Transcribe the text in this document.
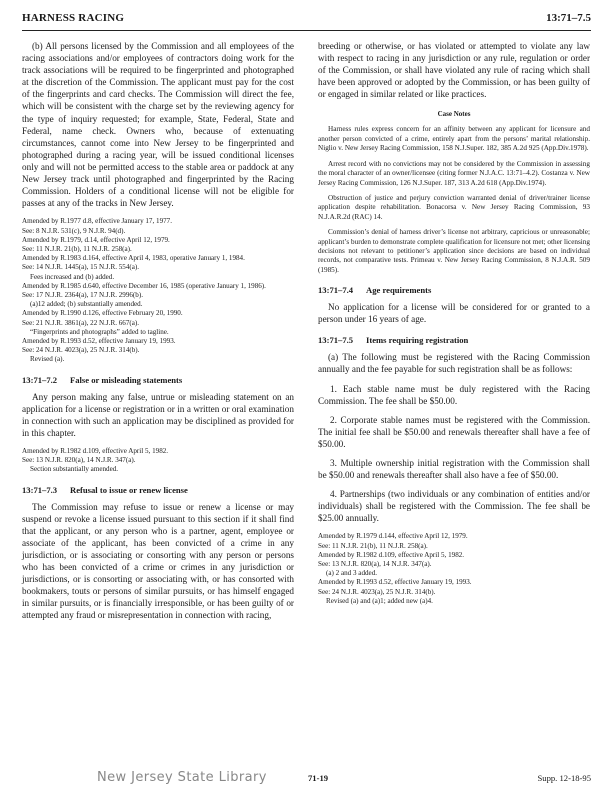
HARNESS RACING	13:71–7.5

(b) All persons licensed by the Commission and all employees of the racing associations and/or employees of contractors doing work for the track associations will be required to be fingerprinted and photographed at the discretion of the Commission. The applicant must pay for the cost of the fingerprints and card checks. The Commission will direct the fee, which will be consistent with the charge set by the reviewing agency for the type of inquiry requested; for example, State, Federal, State and Federal, name check. Owners who, because of extenuating circumstances, cannot come into New Jersey to be fingerprinted and photographed during a racing year, will be issued conditional licenses only and will not be permitted access to the stable area or paddock at any New Jersey track until photographed and fingerprinted by the Racing Commission. Holders of a conditional license will not be eligible for passes at any of the tracks in New Jersey.

Amended by R.1977 d.8, effective January 17, 1977.
See: 8 N.J.R. 531(c), 9 N.J.R. 94(d).
Amended by R.1979, d.14, effective April 12, 1979.
See: 11 N.J.R. 21(b), 11 N.J.R. 258(a).
Amended by R.1983 d.164, effective April 4, 1983, operative January 1, 1984.
See: 14 N.J.R. 1445(a), 15 N.J.R. 554(a).
Fees increased and (b) added.
Amended by R.1985 d.640, effective December 16, 1985 (operative January 1, 1986).
See: 17 N.J.R. 2364(a), 17 N.J.R. 2996(b).
(a)12 added; (b) substantially amended.
Amended by R.1990 d.126, effective February 20, 1990.
See: 21 N.J.R. 3861(a), 22 N.J.R. 667(a).
“Fingerprints and photographs” added to tagline.
Amended by R.1993 d.52, effective January 19, 1993.
See: 24 N.J.R. 4023(a), 25 N.J.R. 314(b).
Revised (a).
13:71–7.2 False or misleading statements

Any person making any false, untrue or misleading statement on an application for a license or registration or in a written or oral examination in connection with such an application may be disciplined as provided for in this chapter.

Amended by R.1982 d.109, effective April 5, 1982.
See: 13 N.J.R. 820(a), 14 N.J.R. 347(a).
Section substantially amended.
13:71–7.3 Refusal to issue or renew license

The Commission may refuse to issue or renew a license or may suspend or revoke a license issued pursuant to this section if it shall find that the applicant, or any person who is a partner, agent, employee or associate of the applicant, has been convicted of a crime in any jurisdiction, or is associating or consorting with any person or persons who has been convicted of a crime or crimes in any jurisdiction or jurisdictions, or is consorting or associating with, or has consorted with bookmakers, touts or persons of similar pursuits, or has himself engaged in similar pursuits, or is financially irresponsible, or has been guilty of or attempted any fraud or misrepresentation in connection with racing,

breeding or otherwise, or has violated or attempted to violate any law with respect to racing in any jurisdiction or any rule, regulation or order of the Commission, or shall have violated any rule of racing which shall have been approved or adopted by the Commission, or has been guilty of or engaged in similar related or like practices.

Case Notes

Harness rules express concern for an affinity between any applicant for licensure and another person convicted of a crime, entirely apart from the persons’ marital relationship. Niglio v. New Jersey Racing Commission, 158 N.J.Super. 182, 385 A.2d 925 (App.Div.1978).

Arrest record with no convictions may not be considered by the Commission in assessing the moral character of an owner/licensee (citing former N.J.A.C. 13:71–4.2). Costanza v. New Jersey Racing Commission, 126 N.J.Super. 187, 313 A.2d 618 (App.Div.1974).

Obstruction of justice and perjury conviction warranted denial of driver/trainer license application despite rehabilitation. Bonacorsa v. New Jersey Racing Commission, 93 N.J.A.R.2d (RAC) 14.

Commission’s denial of harness driver’s license not arbitrary, capricious or unreasonable; applicant’s burden to demonstrate complete qualification for licensure not met; other licensing decisions not relevant to petitioner’s application since decisions are based on individual records, not comparative tests. Primeau v. New Jersey Racing Commission, 8 N.J.A.R. 509 (1985).

13:71–7.4 Age requirements

No application for a license will be considered for or granted to a person under 16 years of age.

13:71–7.5 Items requiring registration

(a) The following must be registered with the Racing Commission annually and the fee payable for such registration shall be as follows:

1. Each stable name must be duly registered with the Racing Commission. The fee shall be $50.00.

2. Corporate stable names must be registered with the Commission. The initial fee shall be $50.00 and renewals thereafter shall have a fee of $50.00.

3. Multiple ownership initial registration with the Commission shall be $50.00 and renewals thereafter shall also have a fee of $50.00.

4. Partnerships (two individuals or any combination of entities and/or individuals) shall be registered with the Commission. The fee shall be $25.00 annually.

Amended by R.1979 d.144, effective April 12, 1979.
See: 11 N.J.R. 21(b), 11 N.J.R. 258(a).
Amended by R.1982 d.109, effective April 5, 1982.
See: 13 N.J.R. 820(a), 14 N.J.R. 347(a).
(a) 2 and 3 added.
Amended by R.1993 d.52, effective January 19, 1993.
See: 24 N.J.R. 4023(a), 25 N.J.R. 314(b).
Revised (a) and (a)1; added new (a)4.
New Jersey State Library	71-19	Supp. 12-18-95
